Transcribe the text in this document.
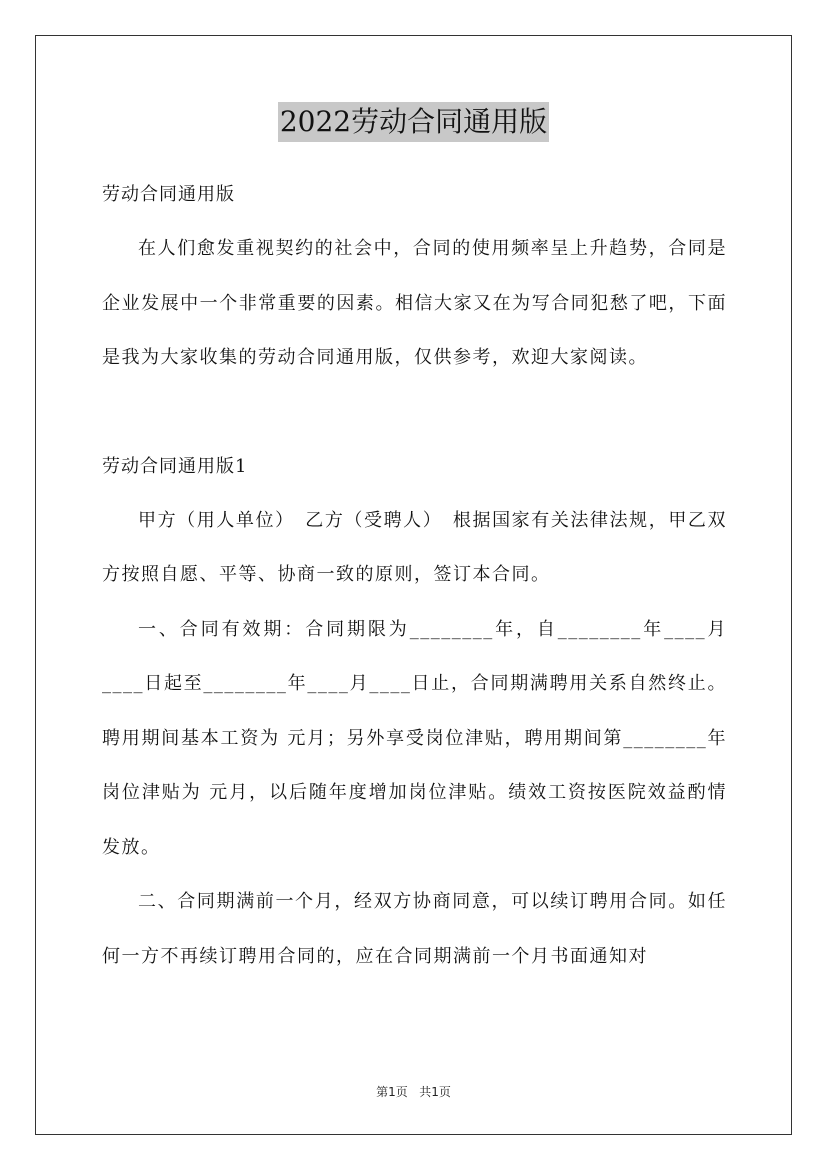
2022劳动合同通用版

劳动合同通用版

在人们愈发重视契约的社会中，合同的使用频率呈上升趋势，合同是企业发展中一个非常重要的因素。相信大家又在为写合同犯愁了吧，下面是我为大家收集的劳动合同通用版，仅供参考，欢迎大家阅读。

劳动合同通用版1

甲方（用人单位）　乙方（受聘人）　根据国家有关法律法规，甲乙双方按照自愿、平等、协商一致的原则，签订本合同。

一、合同有效期：合同期限为________年，自________年____月____日起至________年____月____日止，合同期满聘用关系自然终止。聘用期间基本工资为 元月；另外享受岗位津贴，聘用期间第________年岗位津贴为 元月，以后随年度增加岗位津贴。绩效工资按医院效益酌情发放。

二、合同期满前一个月，经双方协商同意，可以续订聘用合同。如任何一方不再续订聘用合同的，应在合同期满前一个月书面通知对

第1页 共1页
